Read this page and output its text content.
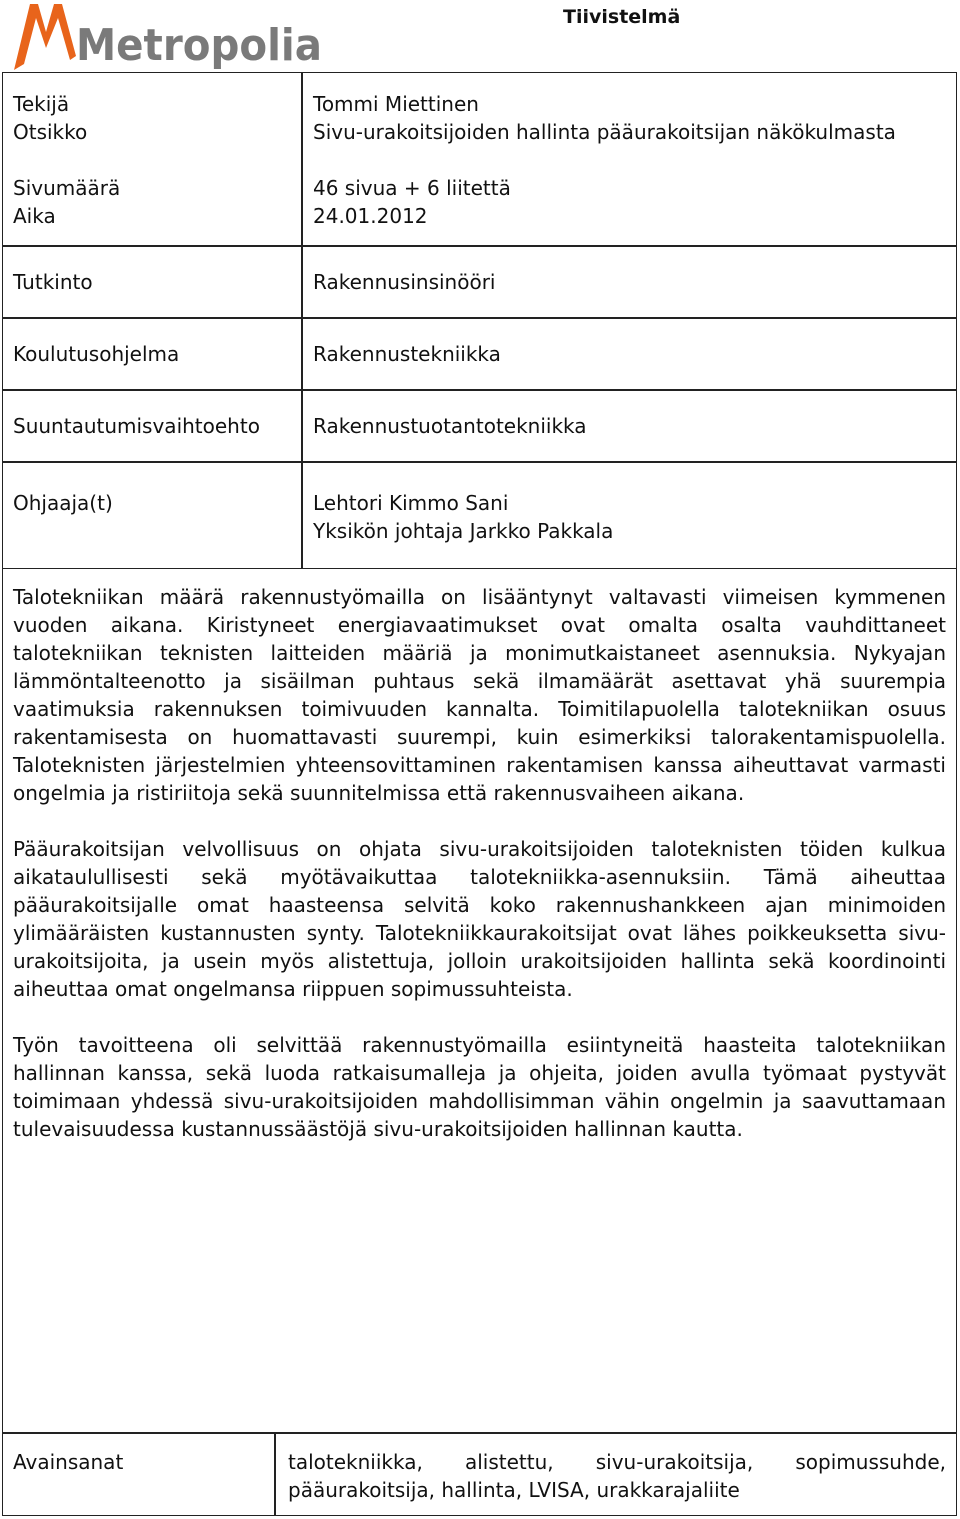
Metropolia
Tiivistelmä
Tekijä	Tommi Miettinen
Otsikko	Sivu-urakoitsijoiden hallinta pääurakoitsijan näkökulmasta
Sivumäärä	46 sivua + 6 liitettä
Aika	24.01.2012
Tutkinto	Rakennusinsinööri
Koulutusohjelma	Rakennustekniikka
Suuntautumisvaihtoehto	Rakennustuotantotekniikka
Ohjaaja(t)	Lehtori Kimmo Sani
Yksikön johtaja Jarkko Pakkala

Talotekniikan määrä rakennustyömailla on lisääntynyt valtavasti viimeisen kymmenen vuoden aikana. Kiristyneet energiavaatimukset ovat omalta osalta vauhdittaneet talotekniikan teknisten laitteiden määriä ja monimutkaistaneet asennuksia. Nykyajan lämmöntalteenotto ja sisäilman puhtaus sekä ilmamäärät asettavat yhä suurempia vaatimuksia rakennuksen toimivuuden kannalta. Toimitilapuolella talotekniikan osuus rakentamisesta on huomattavasti suurempi, kuin esimerkiksi talorakentamispuolella. Taloteknisten järjestelmien yhteensovittaminen rakentamisen kanssa aiheuttavat varmasti ongelmia ja ristiriitoja sekä suunnitelmissa että rakennusvaiheen aikana.

Pääurakoitsijan velvollisuus on ohjata sivu-urakoitsijoiden taloteknisten töiden kulkua aikataulullisesti sekä myötävaikuttaa talotekniikka-asennuksiin. Tämä aiheuttaa pääurakoitsijalle omat haasteensa selvitä koko rakennushankkeen ajan minimoiden ylimääräisten kustannusten synty. Talotekniikkaurakoitsijat ovat lähes poikkeuksetta sivu-urakoitsijoita, ja usein myös alistettuja, jolloin urakoitsijoiden hallinta sekä koordinointi aiheuttaa omat ongelmansa riippuen sopimussuhteista.

Työn tavoitteena oli selvittää rakennustyömailla esiintyneitä haasteita talotekniikan hallinnan kanssa, sekä luoda ratkaisumalleja ja ohjeita, joiden avulla työmaat pystyvät toimimaan yhdessä sivu-urakoitsijoiden mahdollisimman vähin ongelmin ja saavuttamaan tulevaisuudessa kustannussäästöjä sivu-urakoitsijoiden hallinnan kautta.

Avainsanat	talotekniikka, alistettu, sivu-urakoitsija, sopimussuhde, pääurakoitsija, hallinta, LVISA, urakkarajaliite
